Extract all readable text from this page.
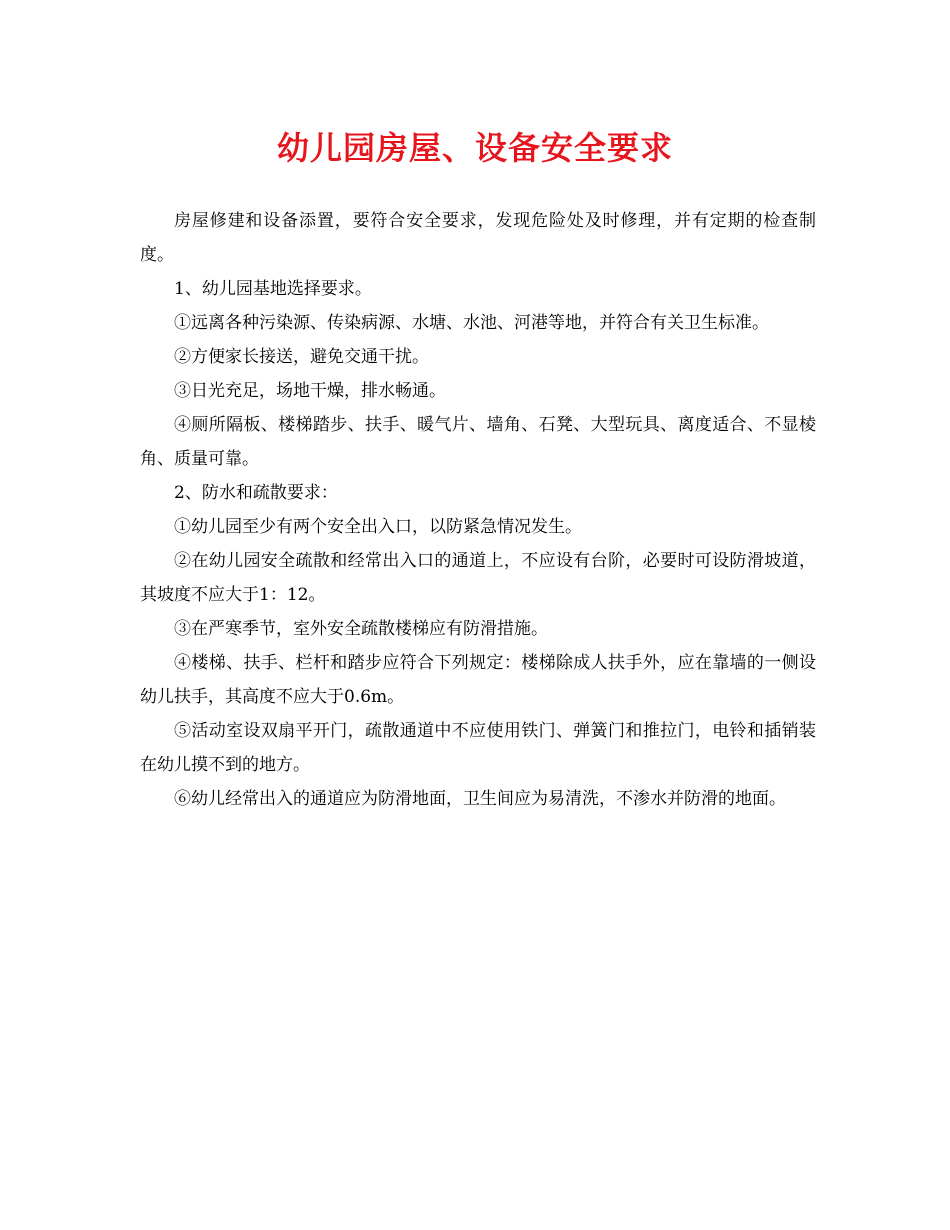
幼儿园房屋、设备安全要求

房屋修建和设备添置，要符合安全要求，发现危险处及时修理，并有定期的检查制度。

1、幼儿园基地选择要求。

①远离各种污染源、传染病源、水塘、水池、河港等地，并符合有关卫生标准。

②方便家长接送，避免交通干扰。

③日光充足，场地干燥，排水畅通。

④厕所隔板、楼梯踏步、扶手、暖气片、墙角、石凳、大型玩具、离度适合、不显棱角、质量可靠。

2、防水和疏散要求：

①幼儿园至少有两个安全出入口，以防紧急情况发生。

②在幼儿园安全疏散和经常出入口的通道上，不应设有台阶，必要时可设防滑坡道，其坡度不应大于1：12。

③在严寒季节，室外安全疏散楼梯应有防滑措施。

④楼梯、扶手、栏杆和踏步应符合下列规定：楼梯除成人扶手外，应在靠墙的一侧设幼儿扶手，其高度不应大于0.6m。

⑤活动室设双扇平开门，疏散通道中不应使用铁门、弹簧门和推拉门，电铃和插销装在幼儿摸不到的地方。

⑥幼儿经常出入的通道应为防滑地面，卫生间应为易清洗，不渗水并防滑的地面。
